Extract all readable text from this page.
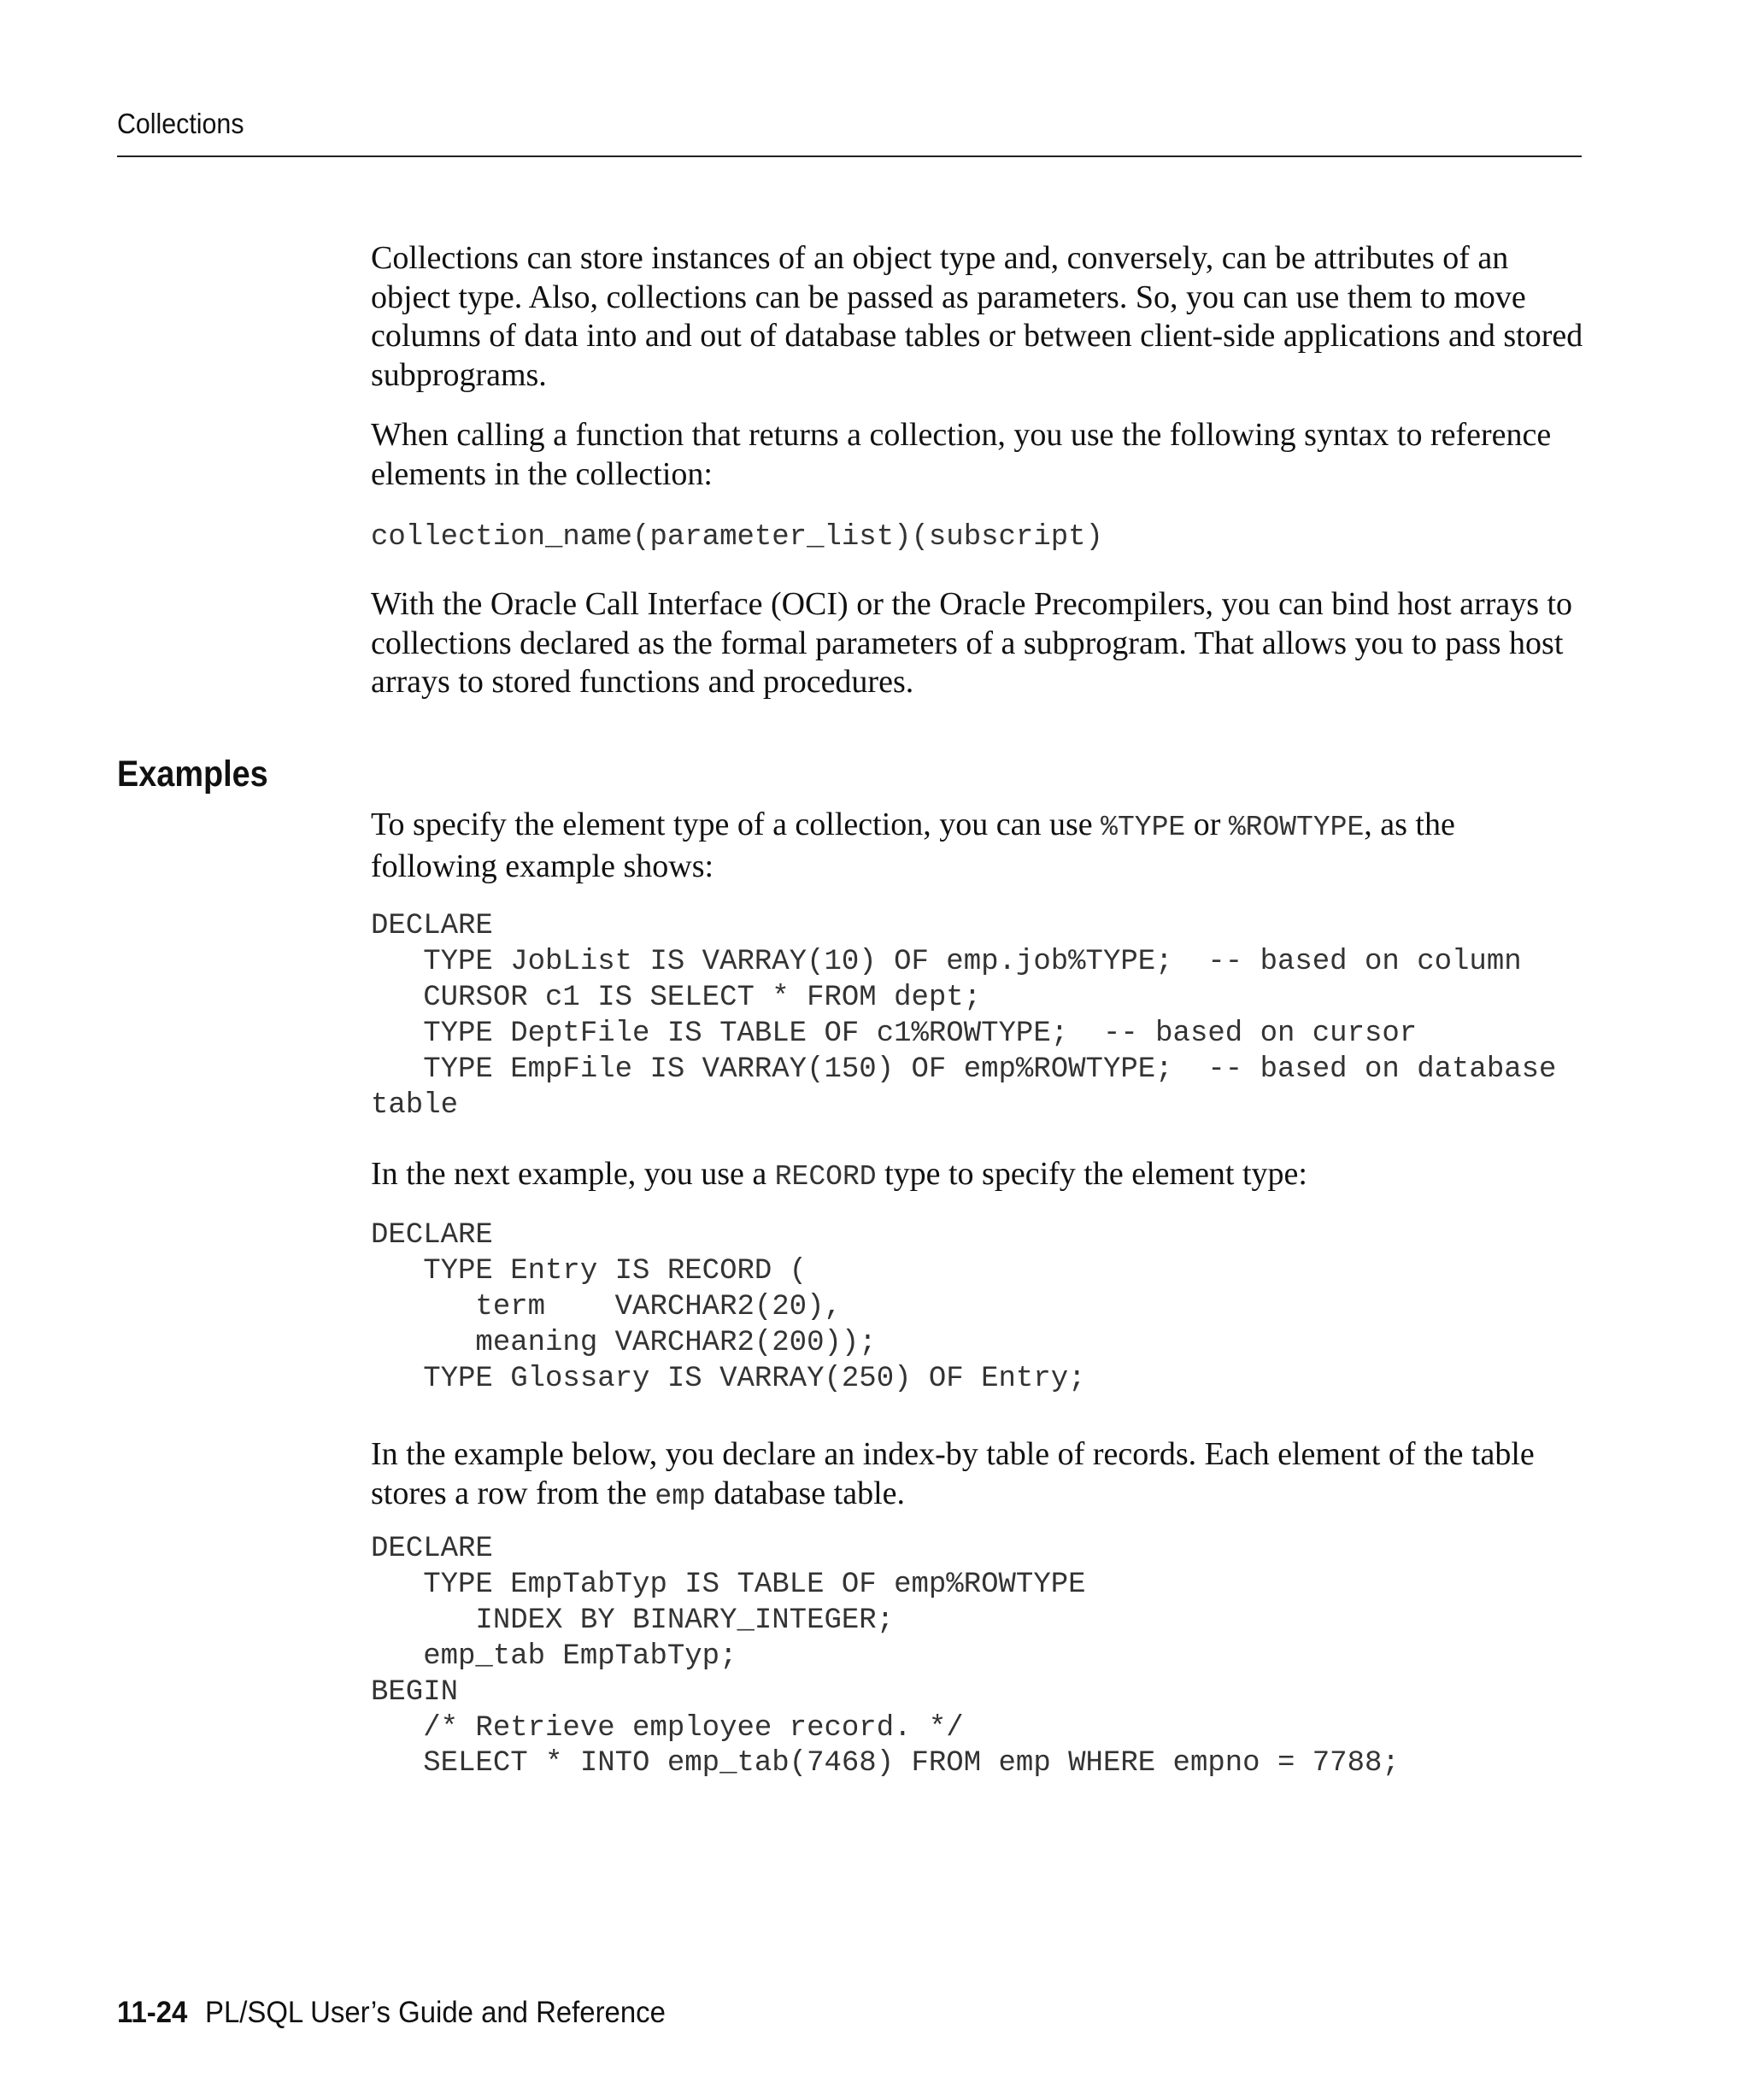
Collections

Collections can store instances of an object type and, conversely, can be attributes of an object type. Also, collections can be passed as parameters. So, you can use them to move columns of data into and out of database tables or between client-side applications and stored subprograms.

When calling a function that returns a collection, you use the following syntax to reference elements in the collection:

collection_name(parameter_list)(subscript)

With the Oracle Call Interface (OCI) or the Oracle Precompilers, you can bind host arrays to collections declared as the formal parameters of a subprogram. That allows you to pass host arrays to stored functions and procedures.

Examples

To specify the element type of a collection, you can use %TYPE or %ROWTYPE, as the following example shows:

DECLARE
TYPE JobList IS VARRAY(10) OF emp.job%TYPE;  -- based on column
CURSOR c1 IS SELECT * FROM dept;
TYPE DeptFile IS TABLE OF c1%ROWTYPE;  -- based on cursor
TYPE EmpFile IS VARRAY(150) OF emp%ROWTYPE;  -- based on database
table

In the next example, you use a RECORD type to specify the element type:

DECLARE
TYPE Entry IS RECORD (
term    VARCHAR2(20),
meaning VARCHAR2(200));
TYPE Glossary IS VARRAY(250) OF Entry;

In the example below, you declare an index-by table of records. Each element of the table stores a row from the emp database table.

DECLARE
TYPE EmpTabTyp IS TABLE OF emp%ROWTYPE
INDEX BY BINARY_INTEGER;
emp_tab EmpTabTyp;
BEGIN
/* Retrieve employee record. */
SELECT * INTO emp_tab(7468) FROM emp WHERE empno = 7788;
11-24 PL/SQL User’s Guide and Reference
